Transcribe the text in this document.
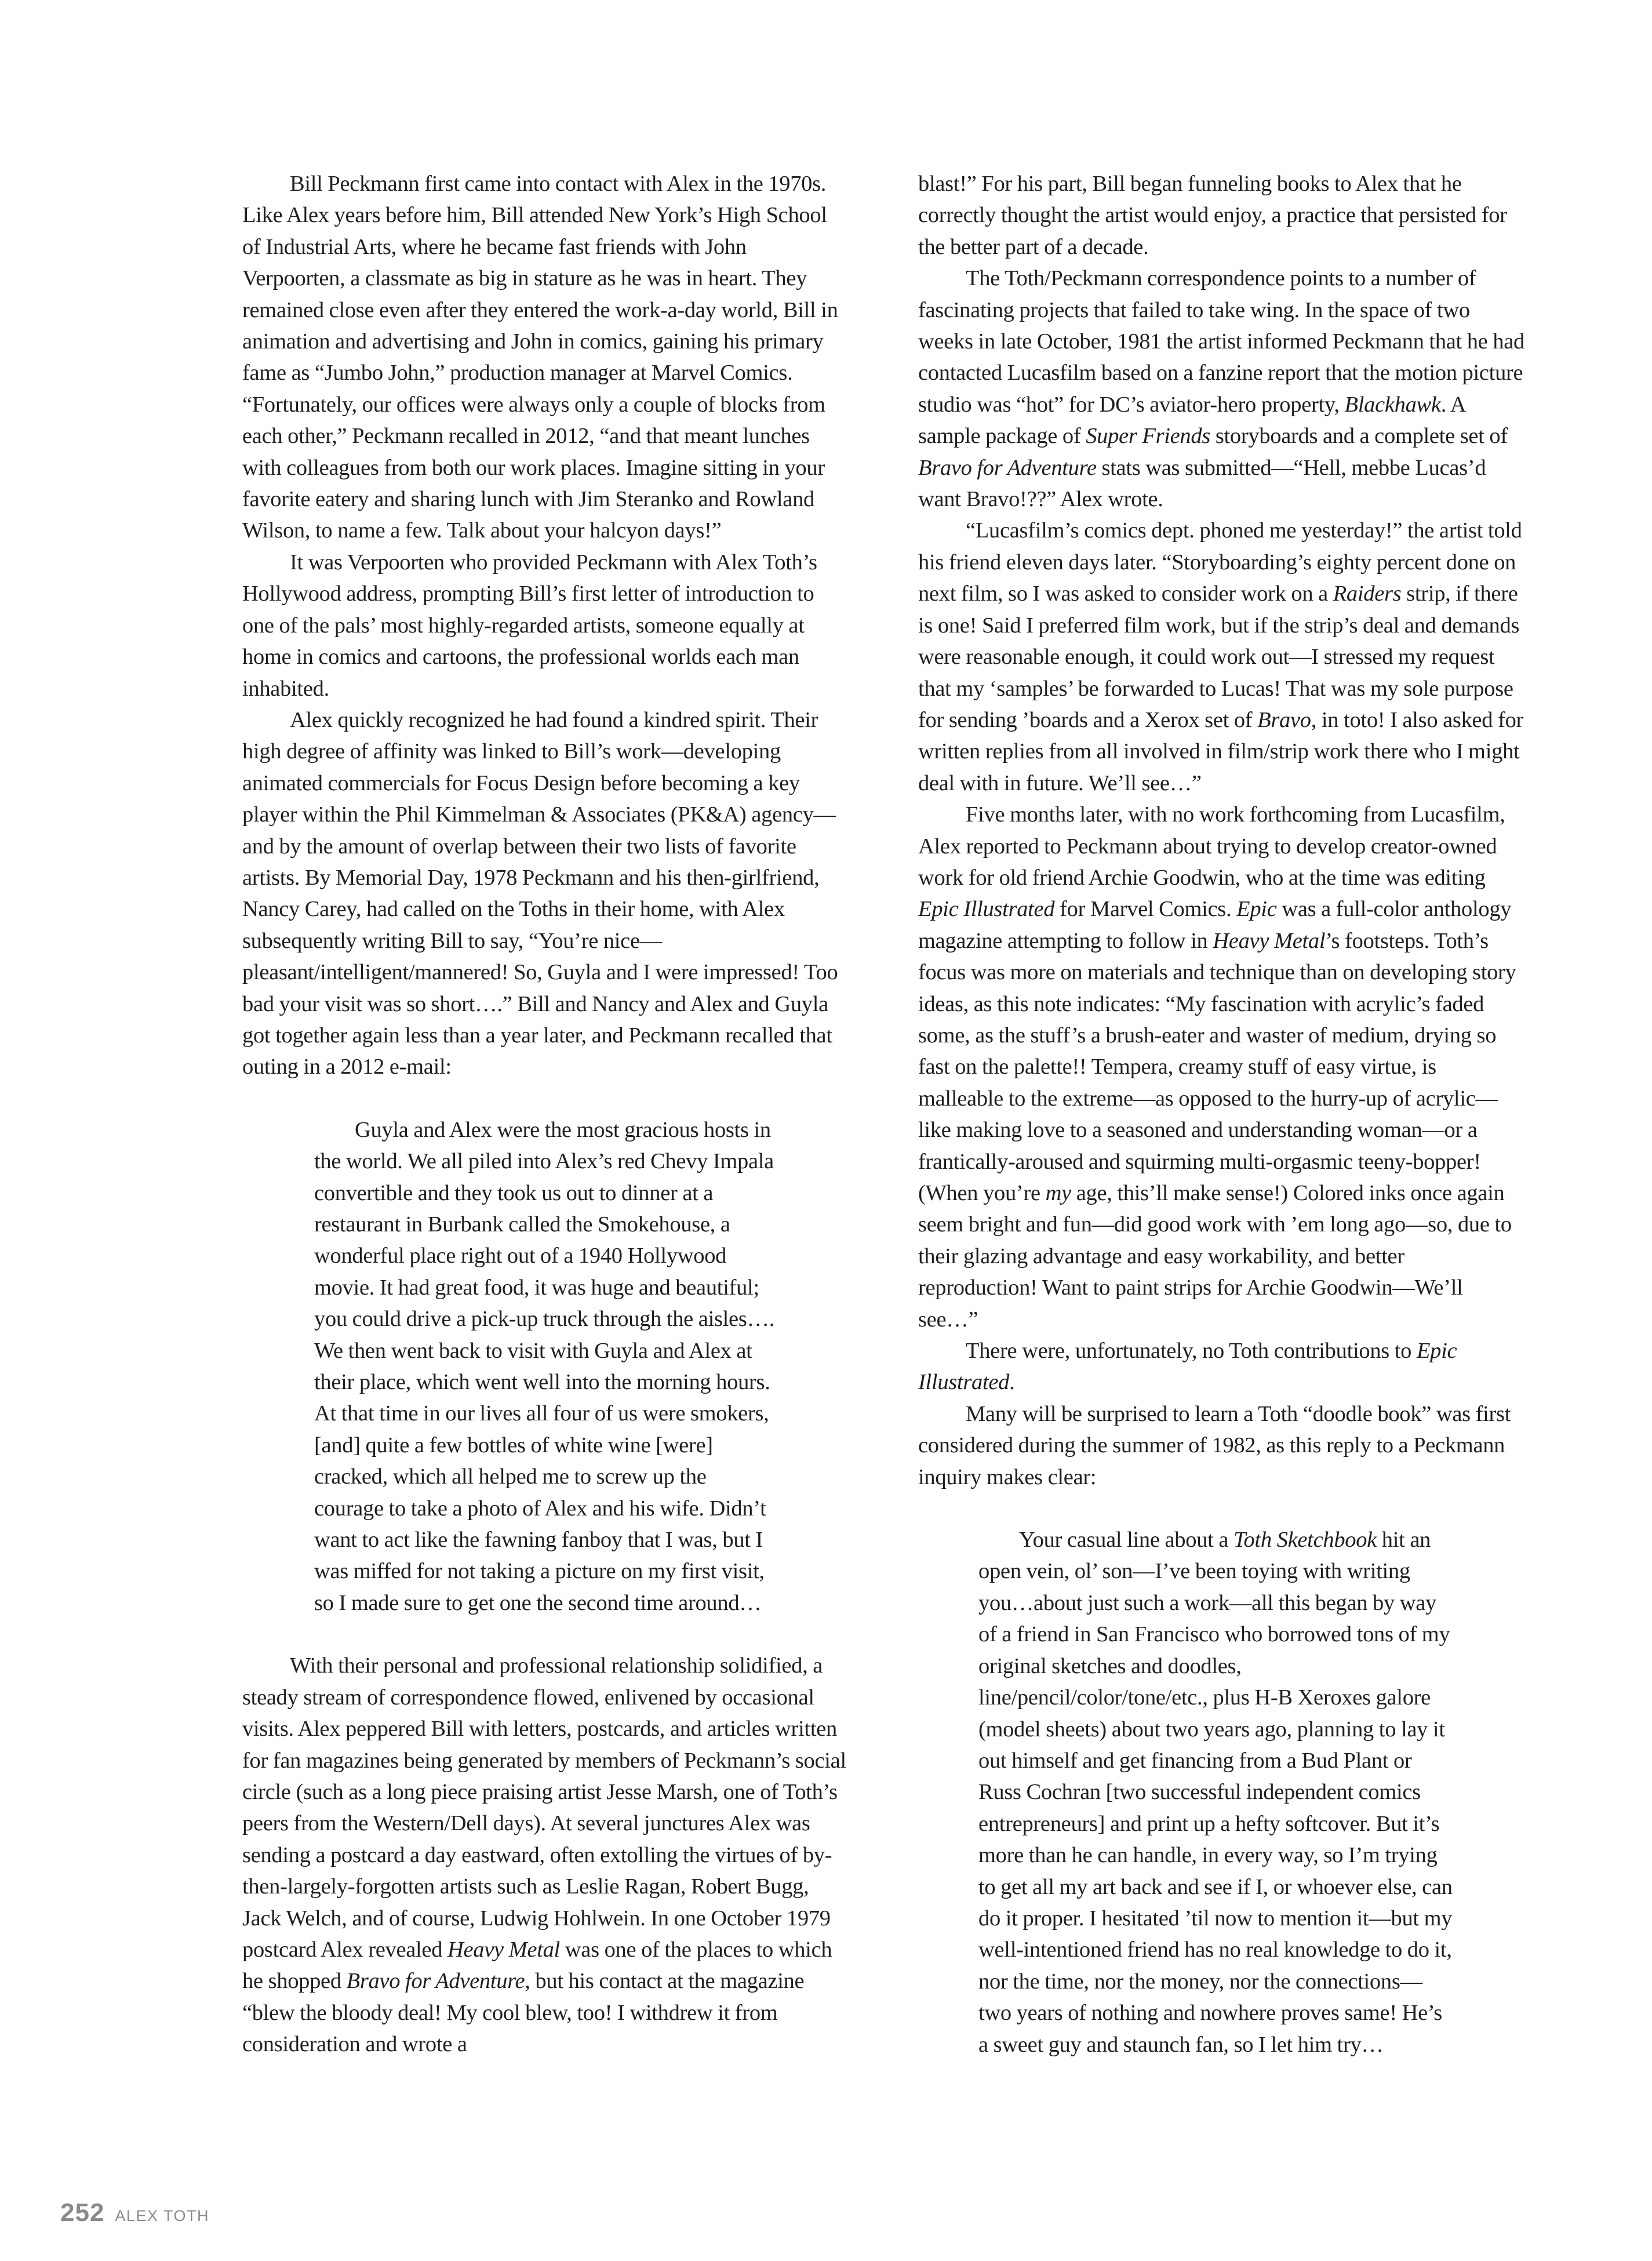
Bill Peckmann first came into contact with Alex in the 1970s. Like Alex years before him, Bill attended New York’s High School of Industrial Arts, where he became fast friends with John Verpoorten, a classmate as big in stature as he was in heart. They remained close even after they entered the work-a-day world, Bill in animation and advertising and John in comics, gaining his primary fame as “Jumbo John,” production manager at Marvel Comics. “Fortunately, our offices were always only a couple of blocks from each other,” Peckmann recalled in 2012, “and that meant lunches with colleagues from both our work places. Imagine sitting in your favorite eatery and sharing lunch with Jim Steranko and Rowland Wilson, to name a few. Talk about your halcyon days!”

It was Verpoorten who provided Peckmann with Alex Toth’s Hollywood address, prompting Bill’s first letter of introduction to one of the pals’ most highly-regarded artists, someone equally at home in comics and cartoons, the professional worlds each man inhabited.

Alex quickly recognized he had found a kindred spirit. Their high degree of affinity was linked to Bill’s work—developing animated commercials for Focus Design before becoming a key player within the Phil Kimmelman & Associates (PK&A) agency—and by the amount of overlap between their two lists of favorite artists. By Memorial Day, 1978 Peckmann and his then-girlfriend, Nancy Carey, had called on the Toths in their home, with Alex subsequently writing Bill to say, “You’re nice—pleasant/intelligent/mannered! So, Guyla and I were impressed! Too bad your visit was so short….” Bill and Nancy and Alex and Guyla got together again less than a year later, and Peckmann recalled that outing in a 2012 e-mail:

Guyla and Alex were the most gracious hosts in the world. We all piled into Alex’s red Chevy Impala convertible and they took us out to dinner at a restaurant in Burbank called the Smokehouse, a wonderful place right out of a 1940 Hollywood movie. It had great food, it was huge and beautiful; you could drive a pick-up truck through the aisles…. We then went back to visit with Guyla and Alex at their place, which went well into the morning hours. At that time in our lives all four of us were smokers, [and] quite a few bottles of white wine [were] cracked, which all helped me to screw up the courage to take a photo of Alex and his wife. Didn’t want to act like the fawning fanboy that I was, but I was miffed for not taking a picture on my first visit, so I made sure to get one the second time around…

With their personal and professional relationship solidified, a steady stream of correspondence flowed, enlivened by occasional visits. Alex peppered Bill with letters, postcards, and articles written for fan magazines being generated by members of Peckmann’s social circle (such as a long piece praising artist Jesse Marsh, one of Toth’s peers from the Western/Dell days). At several junctures Alex was sending a postcard a day eastward, often extolling the virtues of by-then-largely-forgotten artists such as Leslie Ragan, Robert Bugg, Jack Welch, and of course, Ludwig Hohlwein. In one October 1979 postcard Alex revealed Heavy Metal was one of the places to which he shopped Bravo for Adventure, but his contact at the magazine “blew the bloody deal! My cool blew, too! I withdrew it from consideration and wrote a

blast!” For his part, Bill began funneling books to Alex that he correctly thought the artist would enjoy, a practice that persisted for the better part of a decade.

The Toth/Peckmann correspondence points to a number of fascinating projects that failed to take wing. In the space of two weeks in late October, 1981 the artist informed Peckmann that he had contacted Lucasfilm based on a fanzine report that the motion picture studio was “hot” for DC’s aviator-hero property, Blackhawk. A sample package of Super Friends storyboards and a complete set of Bravo for Adventure stats was submitted—“Hell, mebbe Lucas’d want Bravo!??” Alex wrote.

“Lucasfilm’s comics dept. phoned me yesterday!” the artist told his friend eleven days later. “Storyboarding’s eighty percent done on next film, so I was asked to consider work on a Raiders strip, if there is one! Said I preferred film work, but if the strip’s deal and demands were reasonable enough, it could work out—I stressed my request that my ‘samples’ be forwarded to Lucas! That was my sole purpose for sending ’boards and a Xerox set of Bravo, in toto! I also asked for written replies from all involved in film/strip work there who I might deal with in future. We’ll see…”

Five months later, with no work forthcoming from Lucasfilm, Alex reported to Peckmann about trying to develop creator-owned work for old friend Archie Goodwin, who at the time was editing Epic Illustrated for Marvel Comics. Epic was a full-color anthology magazine attempting to follow in Heavy Metal’s footsteps. Toth’s focus was more on materials and technique than on developing story ideas, as this note indicates: “My fascination with acrylic’s faded some, as the stuff’s a brush-eater and waster of medium, drying so fast on the palette!! Tempera, creamy stuff of easy virtue, is malleable to the extreme—as opposed to the hurry-up of acrylic—like making love to a seasoned and understanding woman—or a frantically-aroused and squirming multi-orgasmic teeny-bopper! (When you’re my age, this’ll make sense!) Colored inks once again seem bright and fun—did good work with ’em long ago—so, due to their glazing advantage and easy workability, and better reproduction! Want to paint strips for Archie Goodwin—We’ll see…”

There were, unfortunately, no Toth contributions to Epic Illustrated.

Many will be surprised to learn a Toth “doodle book” was first considered during the summer of 1982, as this reply to a Peckmann inquiry makes clear:

Your casual line about a Toth Sketchbook hit an open vein, ol’ son—I’ve been toying with writing you…about just such a work—all this began by way of a friend in San Francisco who borrowed tons of my original sketches and doodles, line/pencil/color/tone/etc., plus H-B Xeroxes galore (model sheets) about two years ago, planning to lay it out himself and get financing from a Bud Plant or Russ Cochran [two successful independent comics entrepreneurs] and print up a hefty softcover. But it’s more than he can handle, in every way, so I’m trying to get all my art back and see if I, or whoever else, can do it proper. I hesitated ’til now to mention it—but my well-intentioned friend has no real knowledge to do it, nor the time, nor the money, nor the connections—two years of nothing and nowhere proves same! He’s a sweet guy and staunch fan, so I let him try…

252 ALEX TOTH
